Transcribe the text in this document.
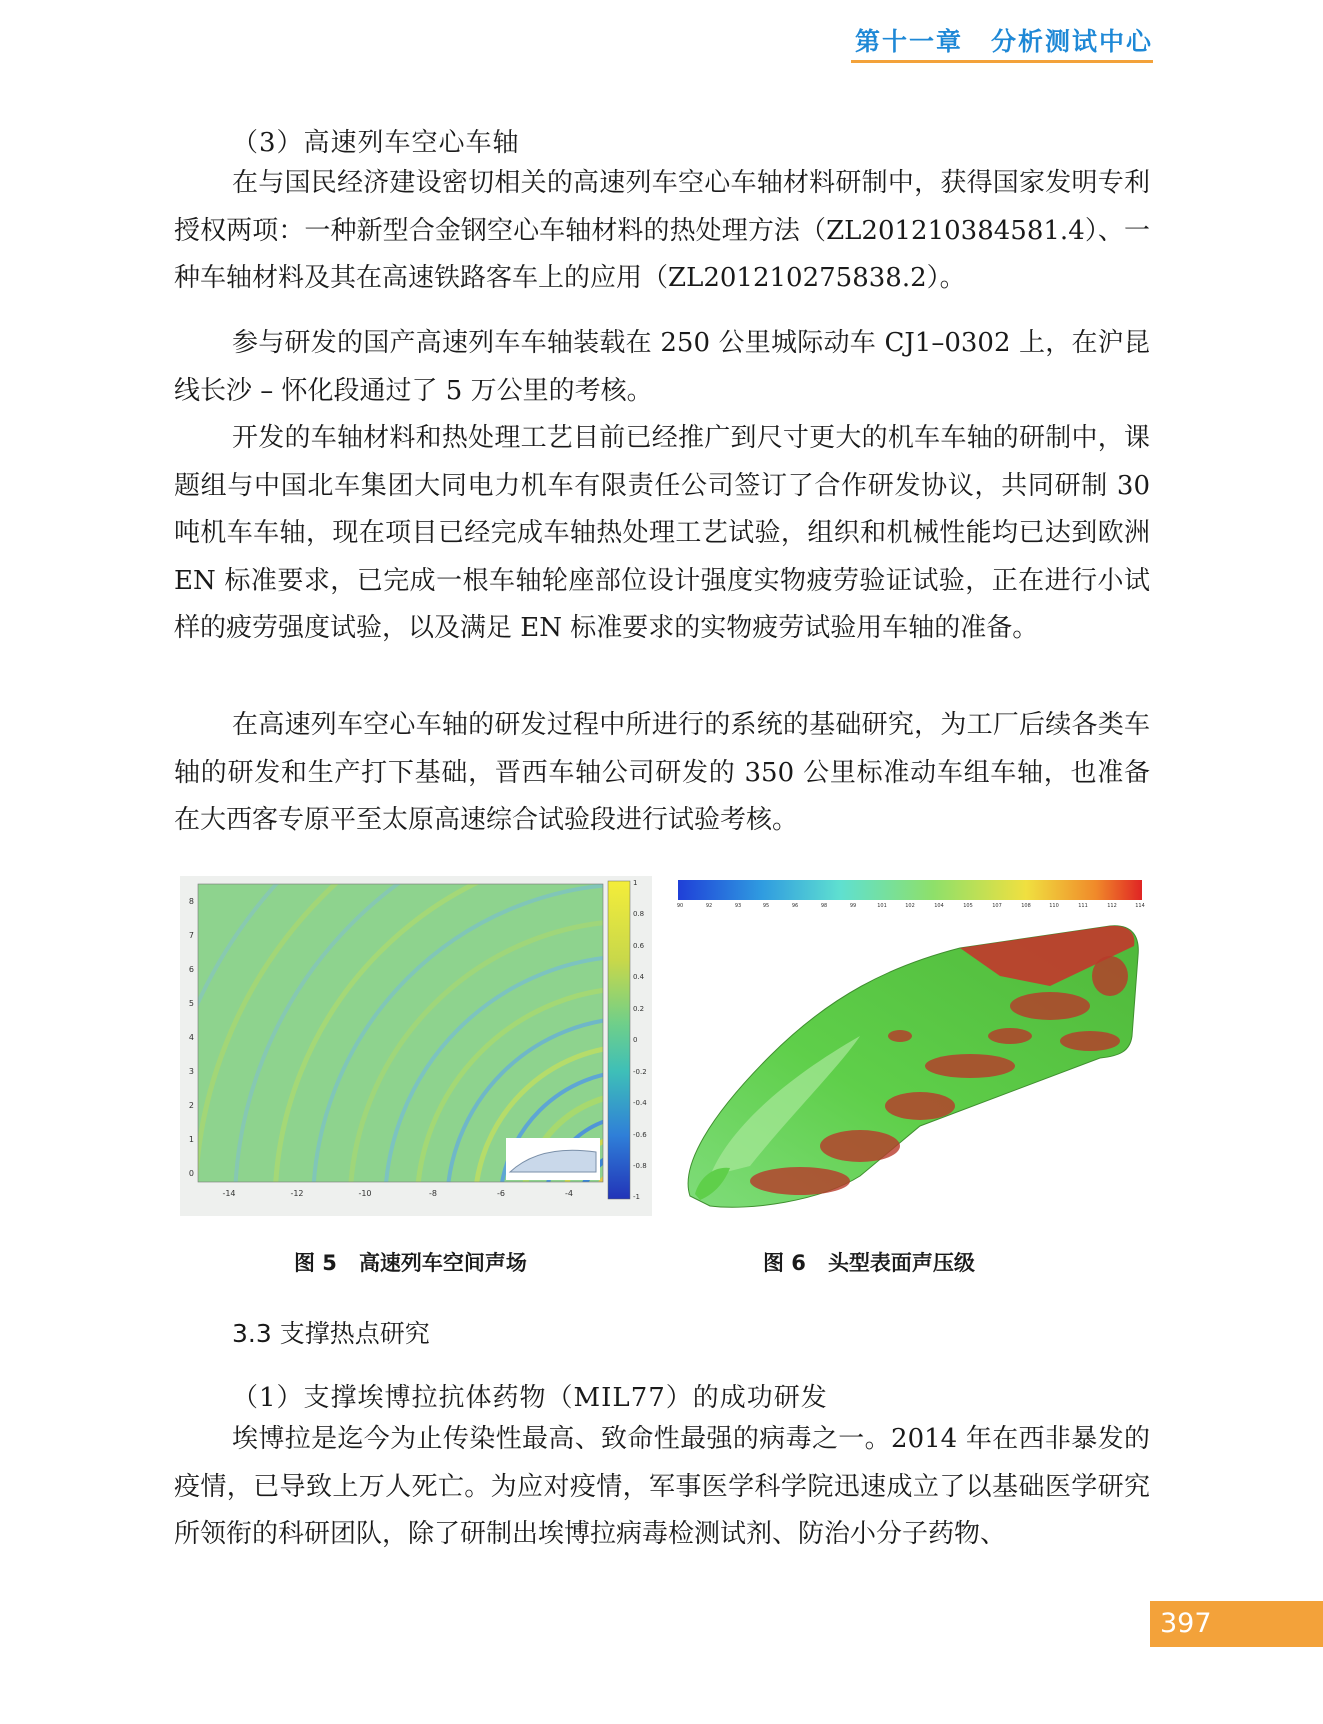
第十一章 分析测试中心

（3）高速列车空心车轴

在与国民经济建设密切相关的高速列车空心车轴材料研制中，获得国家发明专利授权两项：一种新型合金钢空心车轴材料的热处理方法（ZL201210384581.4）、一种车轴材料及其在高速铁路客车上的应用（ZL201210275838.2）。

参与研发的国产高速列车车轴装载在 250 公里城际动车 CJ1–0302 上，在沪昆线长沙 – 怀化段通过了 5 万公里的考核。

开发的车轴材料和热处理工艺目前已经推广到尺寸更大的机车车轴的研制中，课题组与中国北车集团大同电力机车有限责任公司签订了合作研发协议，共同研制 30 吨机车车轴，现在项目已经完成车轴热处理工艺试验，组织和机械性能均已达到欧洲 EN 标准要求，已完成一根车轴轮座部位设计强度实物疲劳验证试验，正在进行小试样的疲劳强度试验，以及满足 EN 标准要求的实物疲劳试验用车轴的准备。

在高速列车空心车轴的研发过程中所进行的系统的基础研究，为工厂后续各类车轴的研发和生产打下基础，晋西车轴公司研发的 350 公里标准动车组车轴，也准备在大西客专原平至太原高速综合试验段进行试验考核。

-14	-12	-10	-8	-6	-4
0
1
2
3
4
5
6
7
8
1
0.8
0.6
0.4
0.2
0
-0.2
-0.4
-0.6
-0.8
-1
图 5 高速列车空间声场
90	92	93	95	96	98	99	101	102	104	105	107	108	110	111	112	114
图 6 头型表面声压级

3.3 支撑热点研究

（1）支撑埃博拉抗体药物（MIL77）的成功研发

埃博拉是迄今为止传染性最高、致命性最强的病毒之一。2014 年在西非暴发的疫情，已导致上万人死亡。为应对疫情，军事医学科学院迅速成立了以基础医学研究所领衔的科研团队，除了研制出埃博拉病毒检测试剂、防治小分子药物、

397
